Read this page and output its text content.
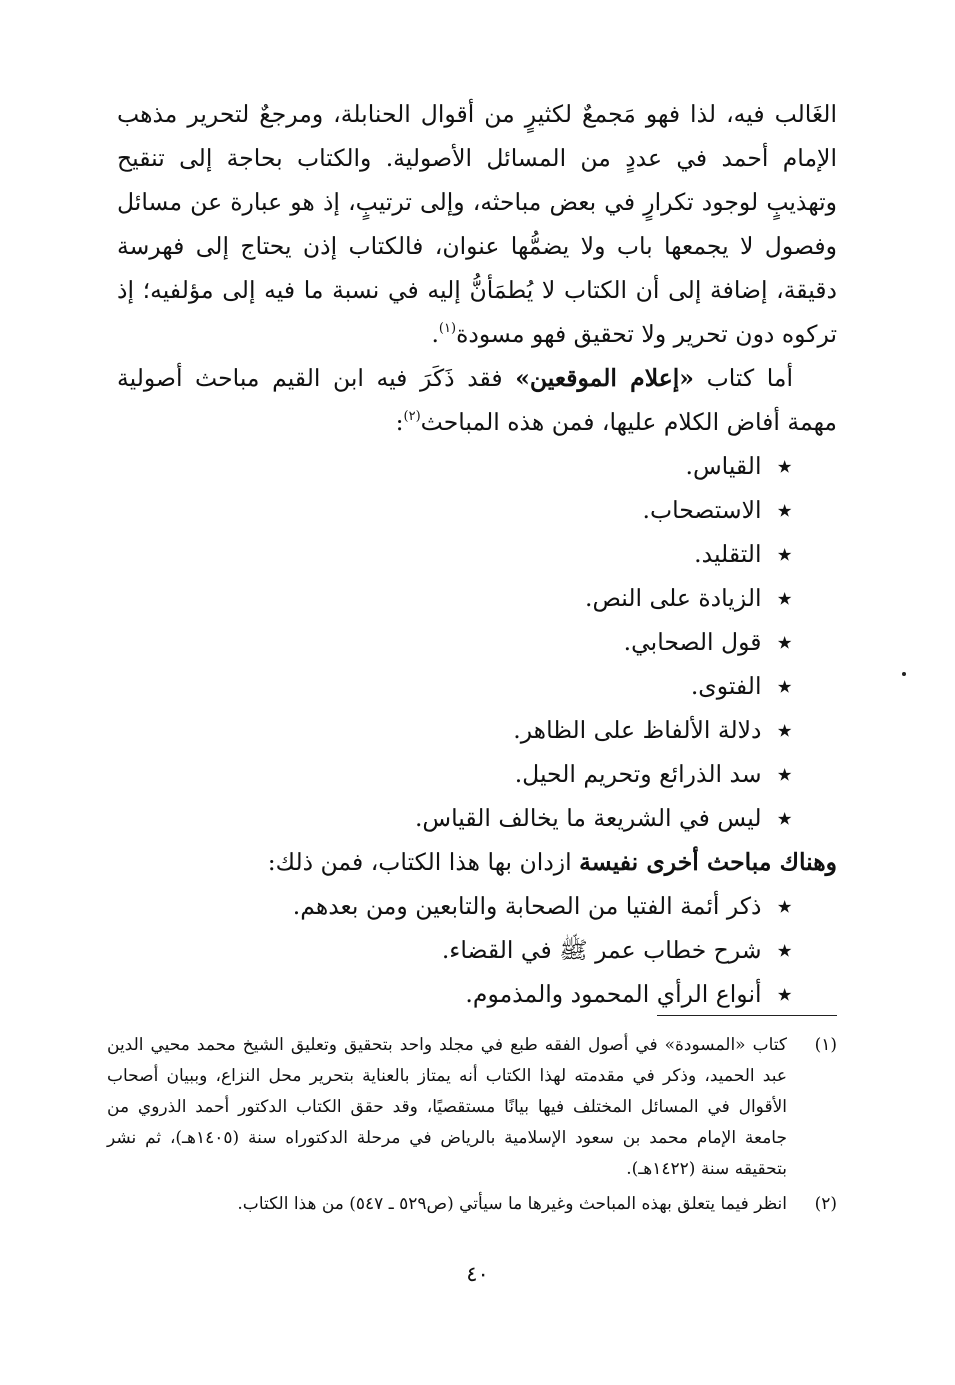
الغَالب فيه، لذا فهو مَجمعٌ لكثيرٍ من أقوال الحنابلة، ومرجعٌ لتحرير مذهب الإمام أحمد في عددٍ من المسائل الأصولية. والكتاب بحاجة إلى تنقيح وتهذيبٍ لوجود تكرارٍ في بعض مباحثه، وإلى ترتيبٍ، إذ هو عبارة عن مسائل وفصول لا يجمعها باب ولا يضمُّها عنوان، فالكتاب إذن يحتاج إلى فهرسة دقيقة، إضافة إلى أن الكتاب لا يُطمَأنُّ إليه في نسبة ما فيه إلى مؤلفيه؛ إذ تركوه دون تحرير ولا تحقيق فهو مسودة$^{(١)}$.

أما كتاب «إعلام الموقعين» فقد ذَكَرَ فيه ابن القيم مباحث أصولية مهمة أفاض الكلام عليها، فمن هذه المباحث$^{(٢)}$:

٭ القياس.
٭ الاستصحاب.
٭ التقليد.
٭ الزيادة على النص.
٭ قول الصحابي.
٭ الفتوى.
٭ دلالة الألفاظ على الظاهر.
٭ سد الذرائع وتحريم الحيل.
٭ ليس في الشريعة ما يخالف القياس.

وهناك مباحث أخرى نفيسة ازدان بها هذا الكتاب، فمن ذلك:

٭ ذكر أئمة الفتيا من الصحابة والتابعين ومن بعدهم.
٭ شرح خطاب عمر ﷺ في القضاء.
٭ أنواع الرأي المحمود والمذموم.

(١)كتاب «المسودة» في أصول الفقه طبع في مجلد واحد بتحقيق وتعليق الشيخ محمد محيي الدين عبد الحميد، وذكر في مقدمته لهذا الكتاب أنه يمتاز بالعناية بتحرير محل النزاع، وببيان أصحاب الأقوال في المسائل المختلف فيها بيانًا مستقصيًا، وقد حقق الكتاب الدكتور أحمد الذروي من جامعة الإمام محمد بن سعود الإسلامية بالرياض في مرحلة الدكتوراه سنة (١٤٠٥هـ)، ثم نشر بتحقيقه سنة (١٤٢٢هـ).

(٢)انظر فيما يتعلق بهذه المباحث وغيرها ما سيأتي (ص٥٢٩ ـ ٥٤٧) من هذا الكتاب.

٤٠
